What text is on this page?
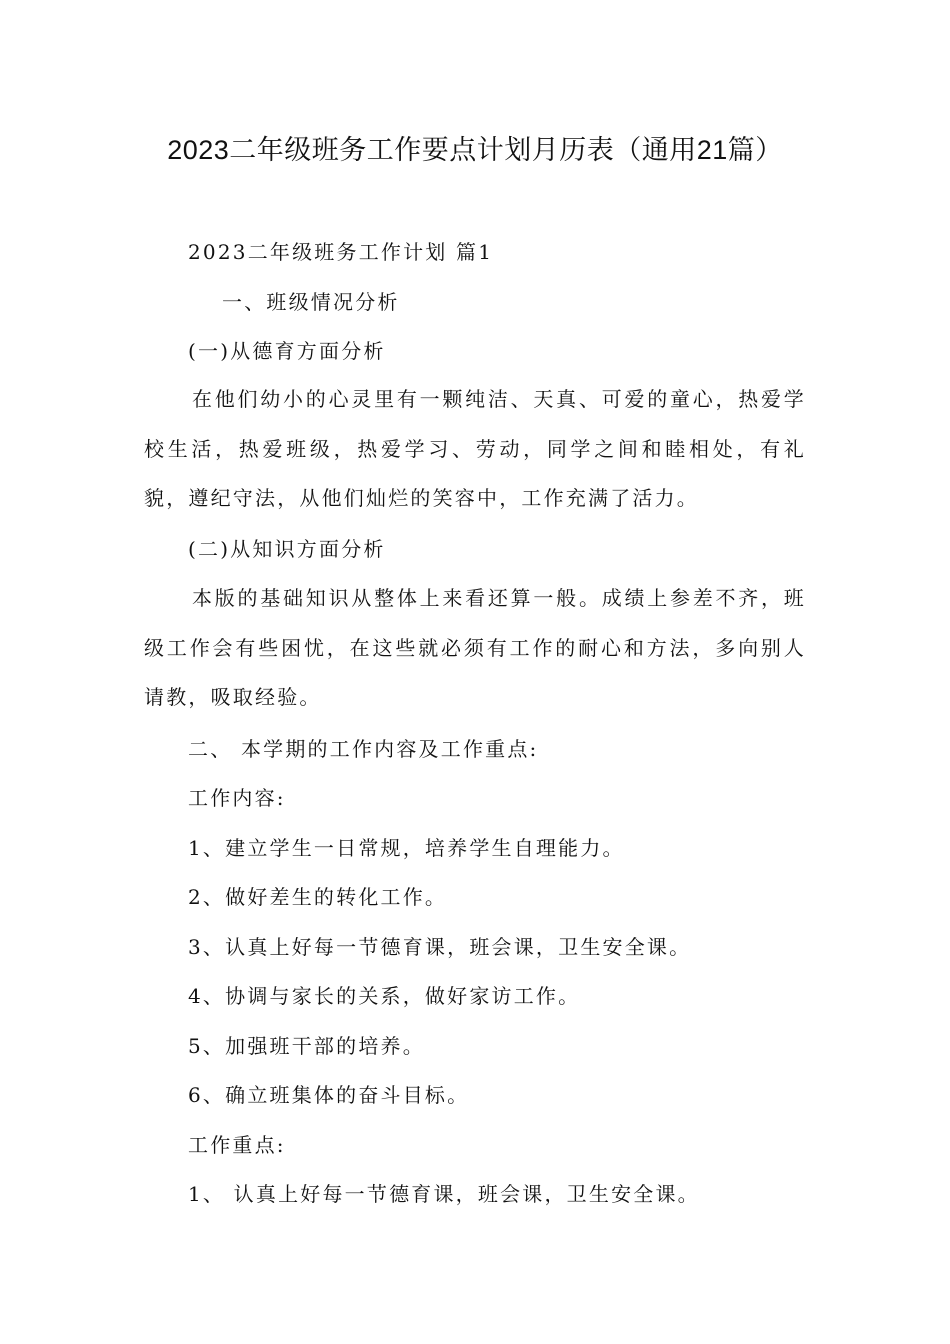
2023二年级班务工作要点计划月历表（通用21篇）

2023二年级班务工作计划 篇1

一、班级情况分析

(一)从德育方面分析

在他们幼小的心灵里有一颗纯洁、天真、可爱的童心，热爱学校生活，热爱班级，热爱学习、劳动，同学之间和睦相处，有礼貌，遵纪守法，从他们灿烂的笑容中，工作充满了活力。

(二)从知识方面分析

本版的基础知识从整体上来看还算一般。成绩上参差不齐，班级工作会有些困忧，在这些就必须有工作的耐心和方法，多向别人请教，吸取经验。

二、 本学期的工作内容及工作重点:

工作内容:

1、建立学生一日常规，培养学生自理能力。

2、做好差生的转化工作。

3、认真上好每一节德育课，班会课，卫生安全课。

4、协调与家长的关系，做好家访工作。

5、加强班干部的培养。

6、确立班集体的奋斗目标。

工作重点:

1、 认真上好每一节德育课，班会课，卫生安全课。
